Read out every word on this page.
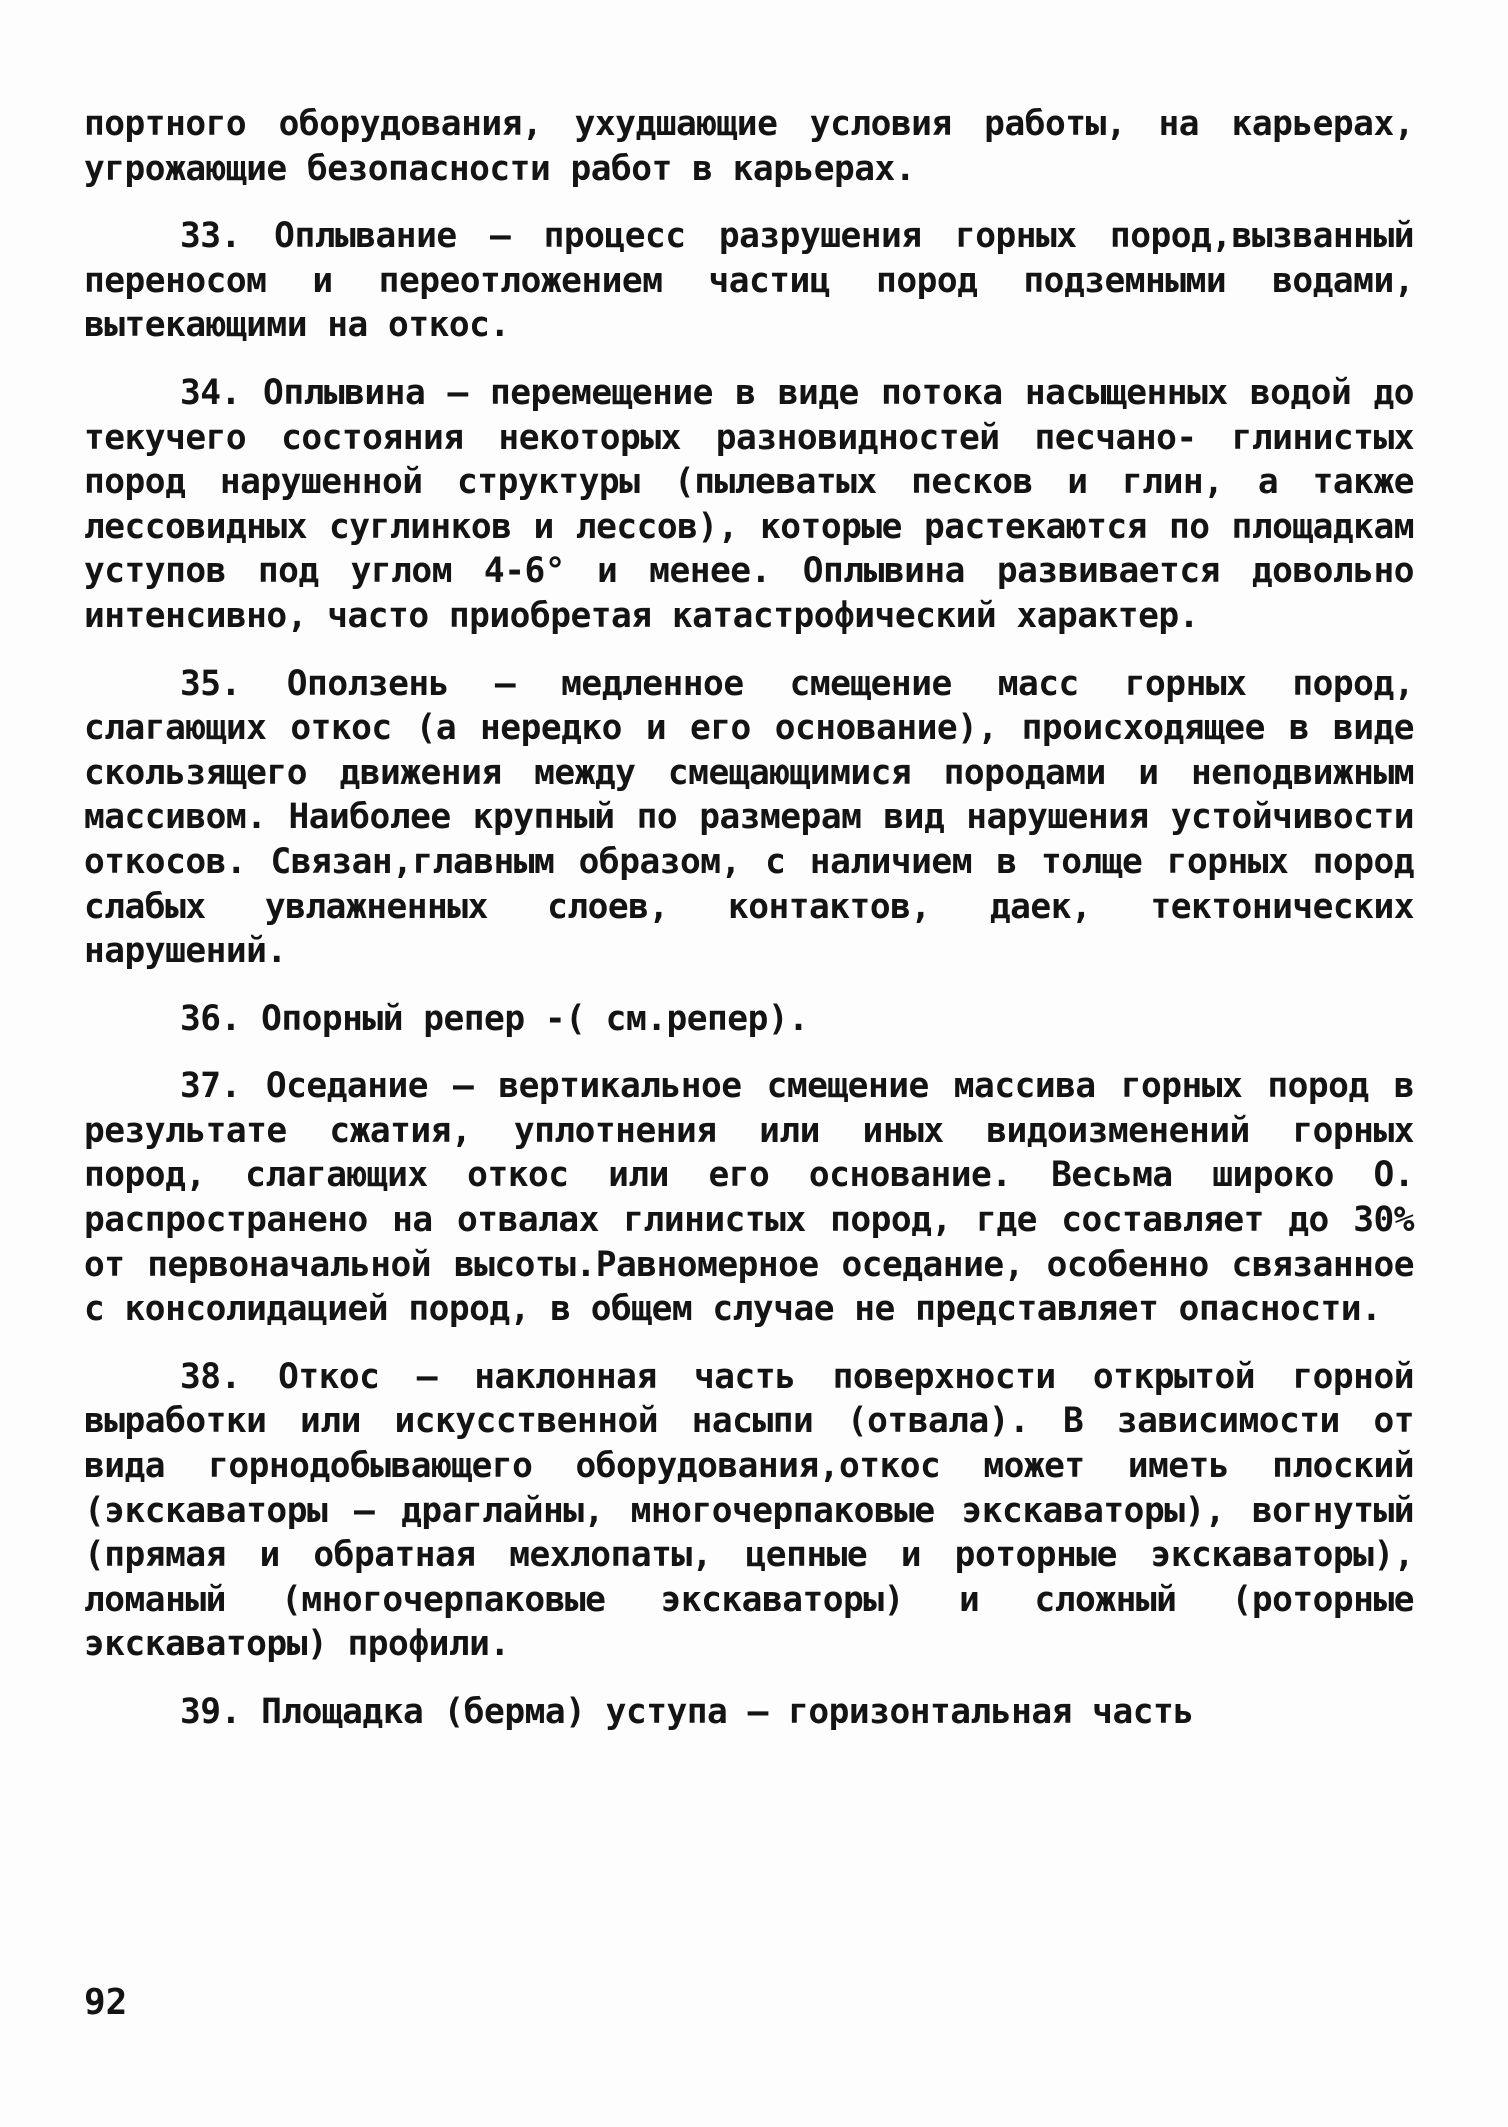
портного оборудования, ухудшающие условия работы, на карьерах, угрожающие безопасности работ в карьерах.

33. Оплывание – процесс разрушения горных пород,вызванный переносом и переотложением частиц пород подземными водами, вытекающими на откос.

34. Оплывина – перемещение в виде потока насыщенных водой до текучего состояния некоторых разновидностей песчано- глинистых пород нарушенной структуры (пылеватых песков и глин, а также лессовидных суглинков и лессов), которые растекаются по площадкам уступов под углом 4-6° и менее. Оплывина развивается довольно интенсивно, часто приобретая катастрофический характер.

35. Оползень – медленное смещение масс горных пород, слагающих откос (а нередко и его основание), происходящее в виде скользящего движения между смещающимися породами и неподвижным массивом. Наиболее крупный по размерам вид нарушения устойчивости откосов. Связан,главным образом, с наличием в толще горных пород слабых увлажненных слоев, контактов, даек, тектонических нарушений.

36. Опорный репер -( см.репер).

37. Оседание – вертикальное смещение массива горных пород в результате сжатия, уплотнения или иных видоизменений горных пород, слагающих откос или его основание. Весьма широко О. распространено на отвалах глинистых пород, где составляет до 30% от первоначальной высоты.Равномерное оседание, особенно связанное с консолидацией пород, в общем случае не представляет опасности.

38. Откос – наклонная часть поверхности открытой горной выработки или искусственной насыпи (отвала). В зависимости от вида горнодобывающего оборудования,откос может иметь плоский (экскаваторы – драглайны, многочерпаковые экскаваторы), вогнутый (прямая и обратная мехлопаты, цепные и роторные экскаваторы), ломаный (многочерпаковые экскаваторы) и сложный (роторные экскаваторы) профили.

39. Площадка (берма) уступа – горизонтальная часть

92
